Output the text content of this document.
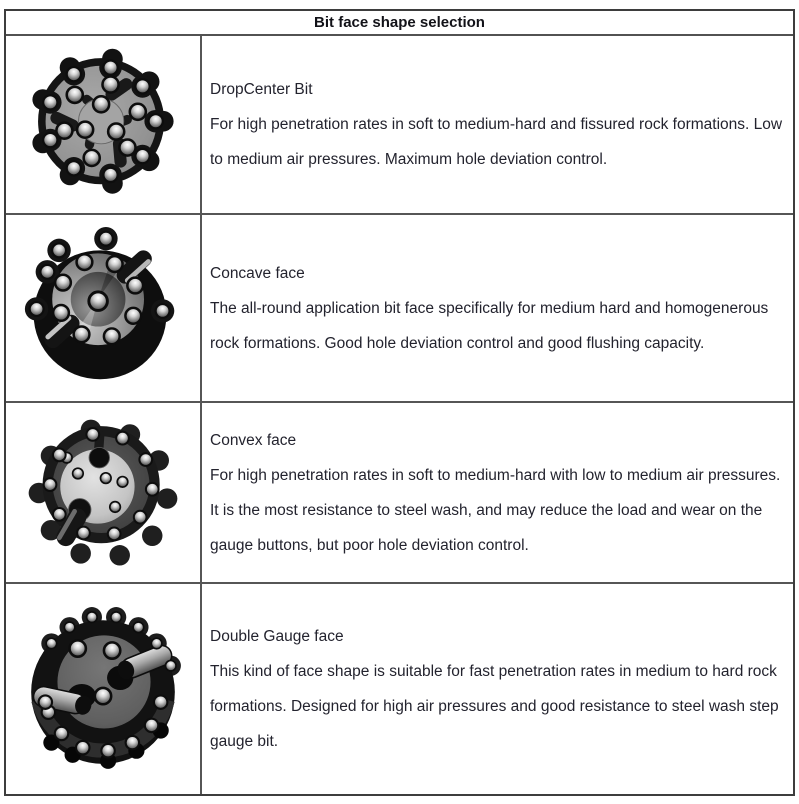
Bit face shape selection
DropCenter Bit
For high penetration rates in soft to medium-hard and fissured rock formations. Low to medium air pressures. Maximum hole deviation control.
Concave face
The all-round application bit face specifically for medium hard and homogenerous rock formations. Good hole deviation control and good flushing capacity.
Convex face
For high penetration rates in soft to medium-hard with low to medium air pressures. It is the most resistance to steel wash, and may reduce the load and wear on the gauge buttons, but poor hole deviation control.
Double Gauge face
This kind of face shape is suitable for fast penetration rates in medium to hard rock formations. Designed for high air pressures and good resistance to steel wash step gauge bit.
